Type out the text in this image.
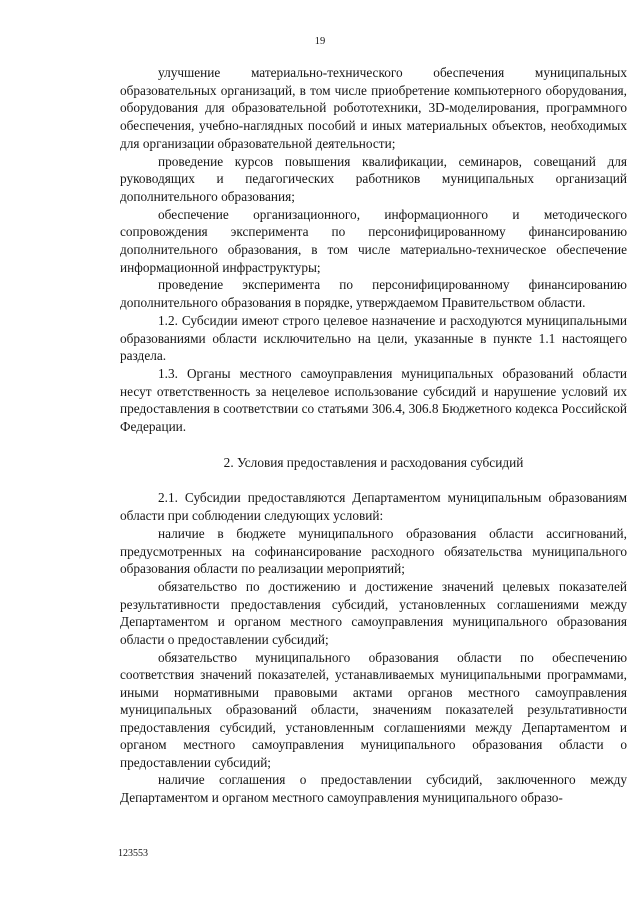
19

улучшение материально-технического обеспечения муниципальных образовательных организаций, в том числе приобретение компьютерного оборудования, оборудования для образовательной робототехники, 3D-моделирования, программного обеспечения, учебно-наглядных пособий и иных материальных объектов, необходимых для организации образовательной деятельности;

проведение курсов повышения квалификации, семинаров, совещаний для руководящих и педагогических работников муниципальных организаций дополнительного образования;

обеспечение организационного, информационного и методического сопровождения эксперимента по персонифицированному финансированию дополнительного образования, в том числе материально-техническое обеспечение информационной инфраструктуры;

проведение эксперимента по персонифицированному финансированию дополнительного образования в порядке, утверждаемом Правительством области.

1.2. Субсидии имеют строго целевое назначение и расходуются муниципальными образованиями области исключительно на цели, указанные в пункте 1.1 настоящего раздела.

1.3. Органы местного самоуправления муниципальных образований области несут ответственность за нецелевое использование субсидий и нарушение условий их предоставления в соответствии со статьями 306.4, 306.8 Бюджетного кодекса Российской Федерации.

2. Условия предоставления и расходования субсидий

2.1. Субсидии предоставляются Департаментом муниципальным образованиям области при соблюдении следующих условий:

наличие в бюджете муниципального образования области ассигнований, предусмотренных на софинансирование расходного обязательства муниципального образования области по реализации мероприятий;

обязательство по достижению и достижение значений целевых показателей результативности предоставления субсидий, установленных соглашениями между Департаментом и органом местного самоуправления муниципального образования области о предоставлении субсидий;

обязательство муниципального образования области по обеспечению соответствия значений показателей, устанавливаемых муниципальными программами, иными нормативными правовыми актами органов местного самоуправления муниципальных образований области, значениям показателей результативности предоставления субсидий, установленным соглашениями между Департаментом и органом местного самоуправления муниципального образования области о предоставлении субсидий;

наличие соглашения о предоставлении субсидий, заключенного между Департаментом и органом местного самоуправления муниципального образо-

123553
